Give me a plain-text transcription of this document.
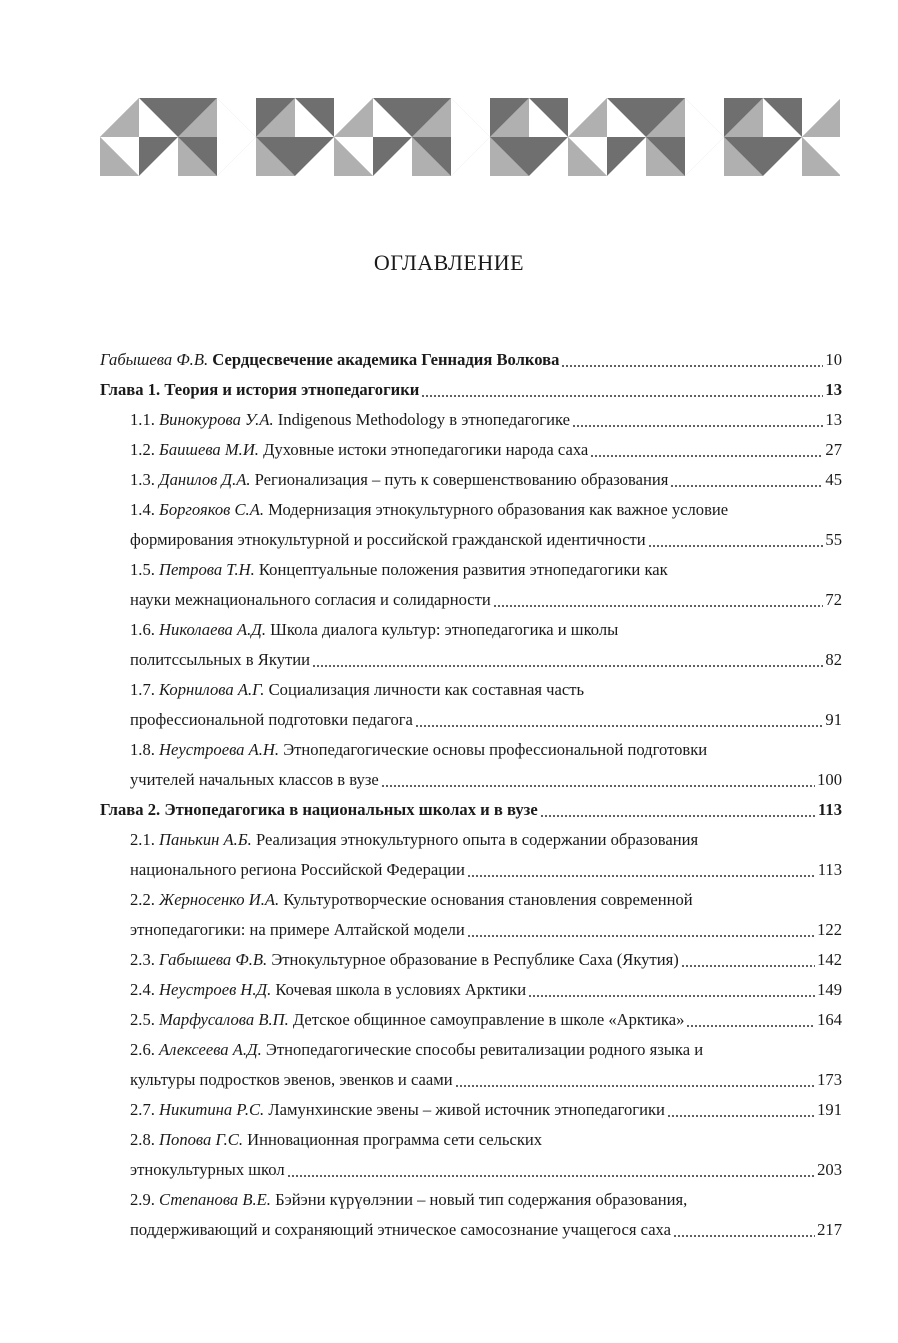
ОГЛАВЛЕНИЕ
Габышева Ф.В. Сердцесвечение академика Геннадия Волкова	10
Глава 1. Теория и история этнопедагогики	13
1.1. Винокурова У.А. Indigenous Methodology в этнопедагогике	13
1.2. Баишева М.И. Духовные истоки этнопедагогики народа саха	27
1.3. Данилов Д.А. Регионализация – путь к совершенствованию образования	45
1.4. Боргояков С.А. Модернизация этнокультурного образования как важное условие
формирования этнокультурной и российской гражданской идентичности	55
1.5. Петрова Т.Н. Концептуальные положения развития этнопедагогики как
науки межнационального согласия и солидарности	72
1.6. Николаева А.Д. Школа диалога культур: этнопедагогика и школы
политссыльных в Якутии	82
1.7. Корнилова А.Г. Социализация личности как составная часть
профессиональной подготовки педагога	91
1.8. Неустроева А.Н. Этнопедагогические основы профессиональной подготовки
учителей начальных классов в вузе	100
Глава 2. Этнопедагогика в национальных школах и в вузе	113
2.1. Панькин А.Б. Реализация этнокультурного опыта в содержании образования
национального региона Российской Федерации	113
2.2. Жерносенко И.А. Культуротворческие основания становления современной
этнопедагогики: на примере Алтайской модели	122
2.3. Габышева Ф.В. Этнокультурное образование в Республике Саха (Якутия)	142
2.4. Неустроев Н.Д. Кочевая школа в условиях Арктики	149
2.5. Марфусалова В.П. Детское общинное самоуправление в школе «Арктика»	164
2.6. Алексеева А.Д. Этнопедагогические способы ревитализации родного языка и
культуры подростков эвенов, эвенков и саами	173
2.7. Никитина Р.С. Ламунхинские эвены – живой источник этнопедагогики	191
2.8. Попова Г.С. Инновационная программа сети сельских
этнокультурных школ	203
2.9. Степанова В.Е. Бэйэни күрүөлэнии – новый тип содержания образования,
поддерживающий и сохраняющий этническое самосознание учащегося саха	217
